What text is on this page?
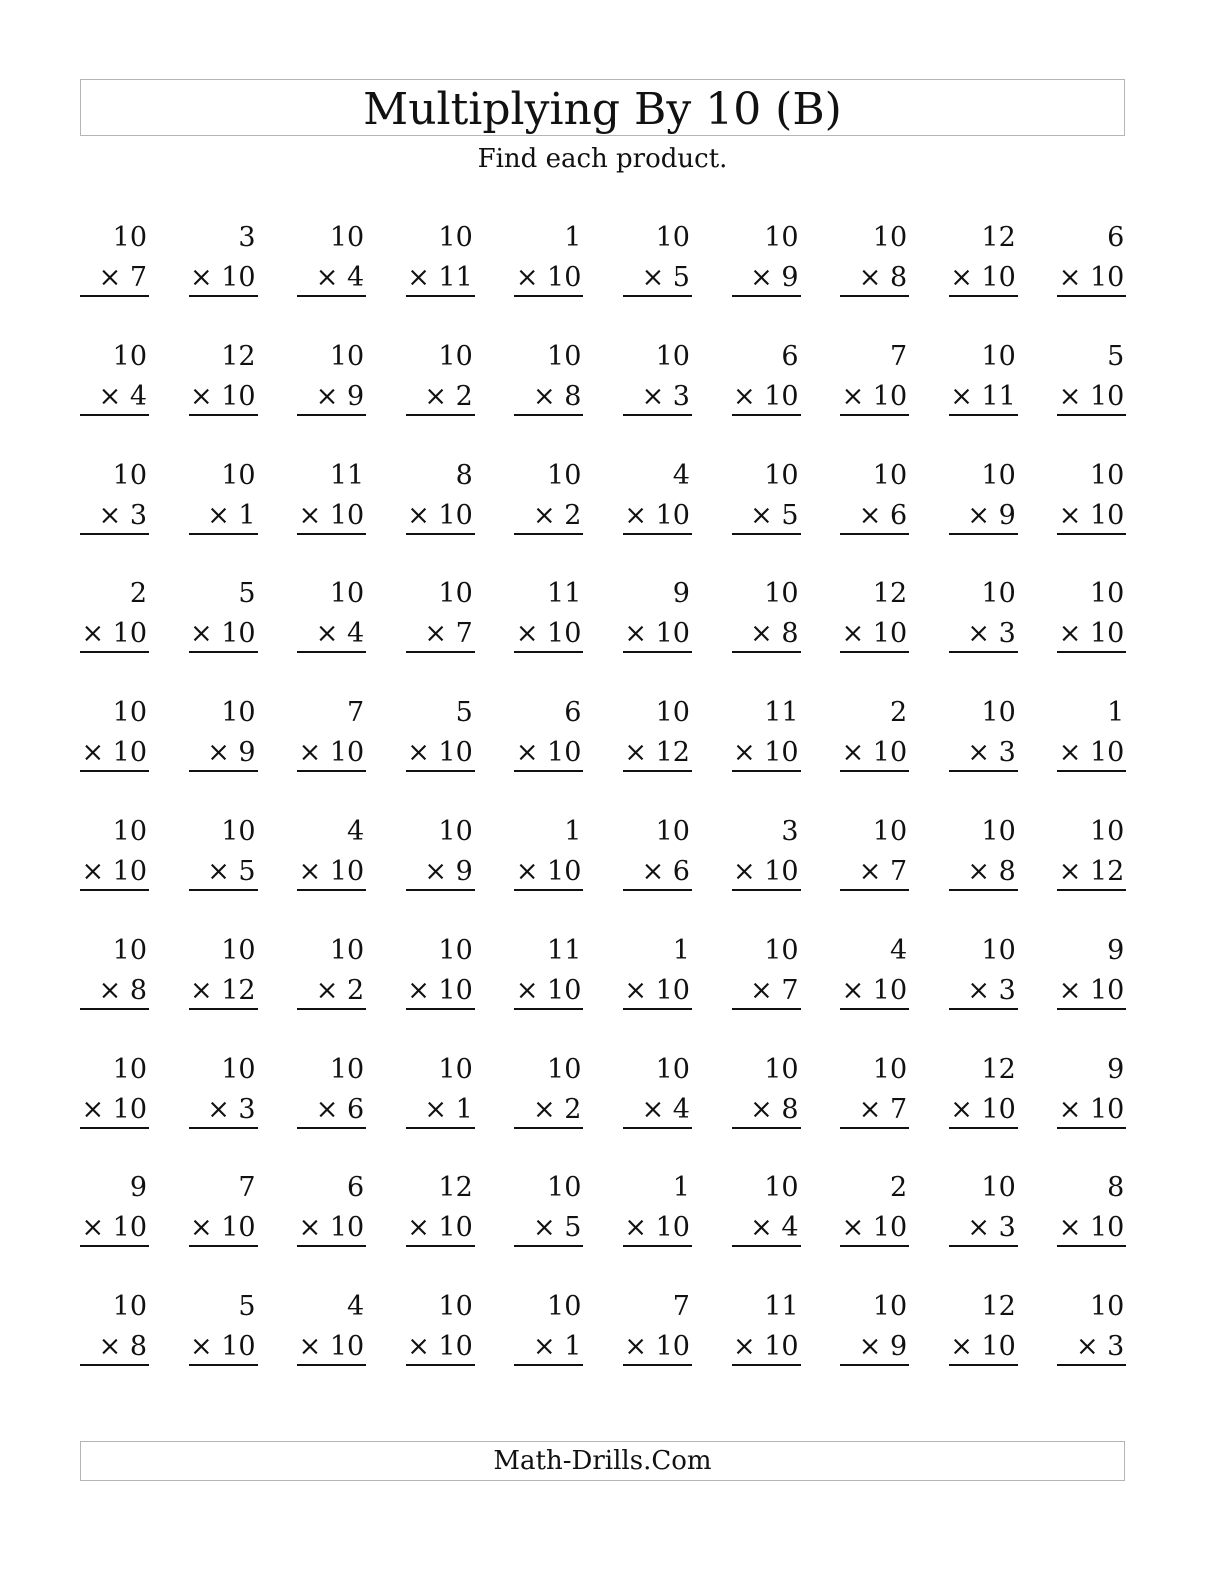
Multiplying By 10 (B)
Find each product.
10
× 7
3
× 10
10
× 4
10
× 11
1
× 10
10
× 5
10
× 9
10
× 8
12
× 10
6
× 10
10
× 4
12
× 10
10
× 9
10
× 2
10
× 8
10
× 3
6
× 10
7
× 10
10
× 11
5
× 10
10
× 3
10
× 1
11
× 10
8
× 10
10
× 2
4
× 10
10
× 5
10
× 6
10
× 9
10
× 10
2
× 10
5
× 10
10
× 4
10
× 7
11
× 10
9
× 10
10
× 8
12
× 10
10
× 3
10
× 10
10
× 10
10
× 9
7
× 10
5
× 10
6
× 10
10
× 12
11
× 10
2
× 10
10
× 3
1
× 10
10
× 10
10
× 5
4
× 10
10
× 9
1
× 10
10
× 6
3
× 10
10
× 7
10
× 8
10
× 12
10
× 8
10
× 12
10
× 2
10
× 10
11
× 10
1
× 10
10
× 7
4
× 10
10
× 3
9
× 10
10
× 10
10
× 3
10
× 6
10
× 1
10
× 2
10
× 4
10
× 8
10
× 7
12
× 10
9
× 10
9
× 10
7
× 10
6
× 10
12
× 10
10
× 5
1
× 10
10
× 4
2
× 10
10
× 3
8
× 10
10
× 8
5
× 10
4
× 10
10
× 10
10
× 1
7
× 10
11
× 10
10
× 9
12
× 10
10
× 3
Math-Drills.Com
